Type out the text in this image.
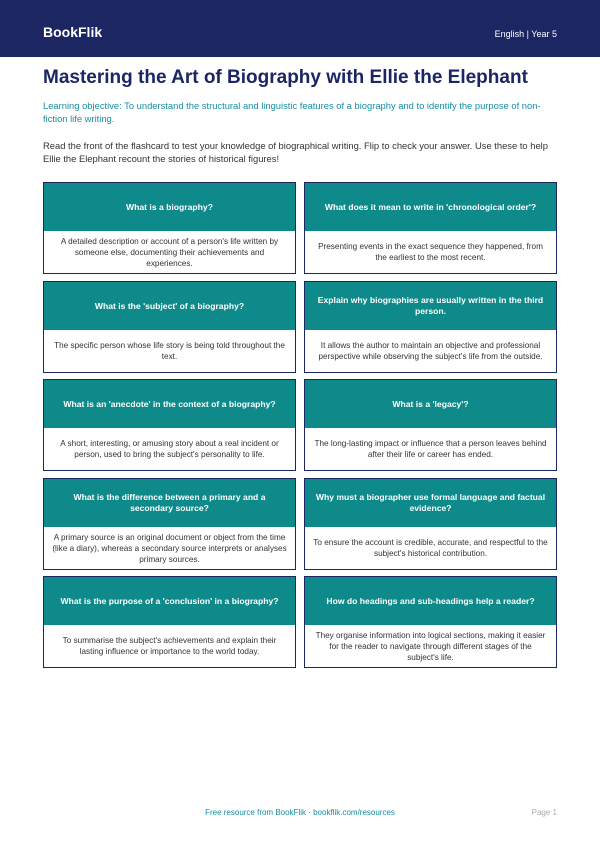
BookFlik	English | Year 5
Mastering the Art of Biography with Ellie the Elephant

Learning objective: To understand the structural and linguistic features of a biography and to identify the purpose of non-fiction life writing.

Read the front of the flashcard to test your knowledge of biographical writing. Flip to check your answer. Use these to help Ellie the Elephant recount the stories of historical figures!

What is a biography?
A detailed description or account of a person's life written by someone else, documenting their achievements and experiences.
What does it mean to write in 'chronological order'?
Presenting events in the exact sequence they happened, from the earliest to the most recent.
What is the 'subject' of a biography?
The specific person whose life story is being told throughout the text.
Explain why biographies are usually written in the third person.
It allows the author to maintain an objective and professional perspective while observing the subject's life from the outside.
What is an 'anecdote' in the context of a biography?
A short, interesting, or amusing story about a real incident or person, used to bring the subject's personality to life.
What is a 'legacy'?
The long-lasting impact or influence that a person leaves behind after their life or career has ended.
What is the difference between a primary and a secondary source?
A primary source is an original document or object from the time (like a diary), whereas a secondary source interprets or analyses primary sources.
Why must a biographer use formal language and factual evidence?
To ensure the account is credible, accurate, and respectful to the subject's historical contribution.
What is the purpose of a 'conclusion' in a biography?
To summarise the subject's achievements and explain their lasting influence or importance to the world today.
How do headings and sub-headings help a reader?
They organise information into logical sections, making it easier for the reader to navigate through different stages of the subject's life.
Free resource from BookFlik · bookflik.com/resources	Page 1
